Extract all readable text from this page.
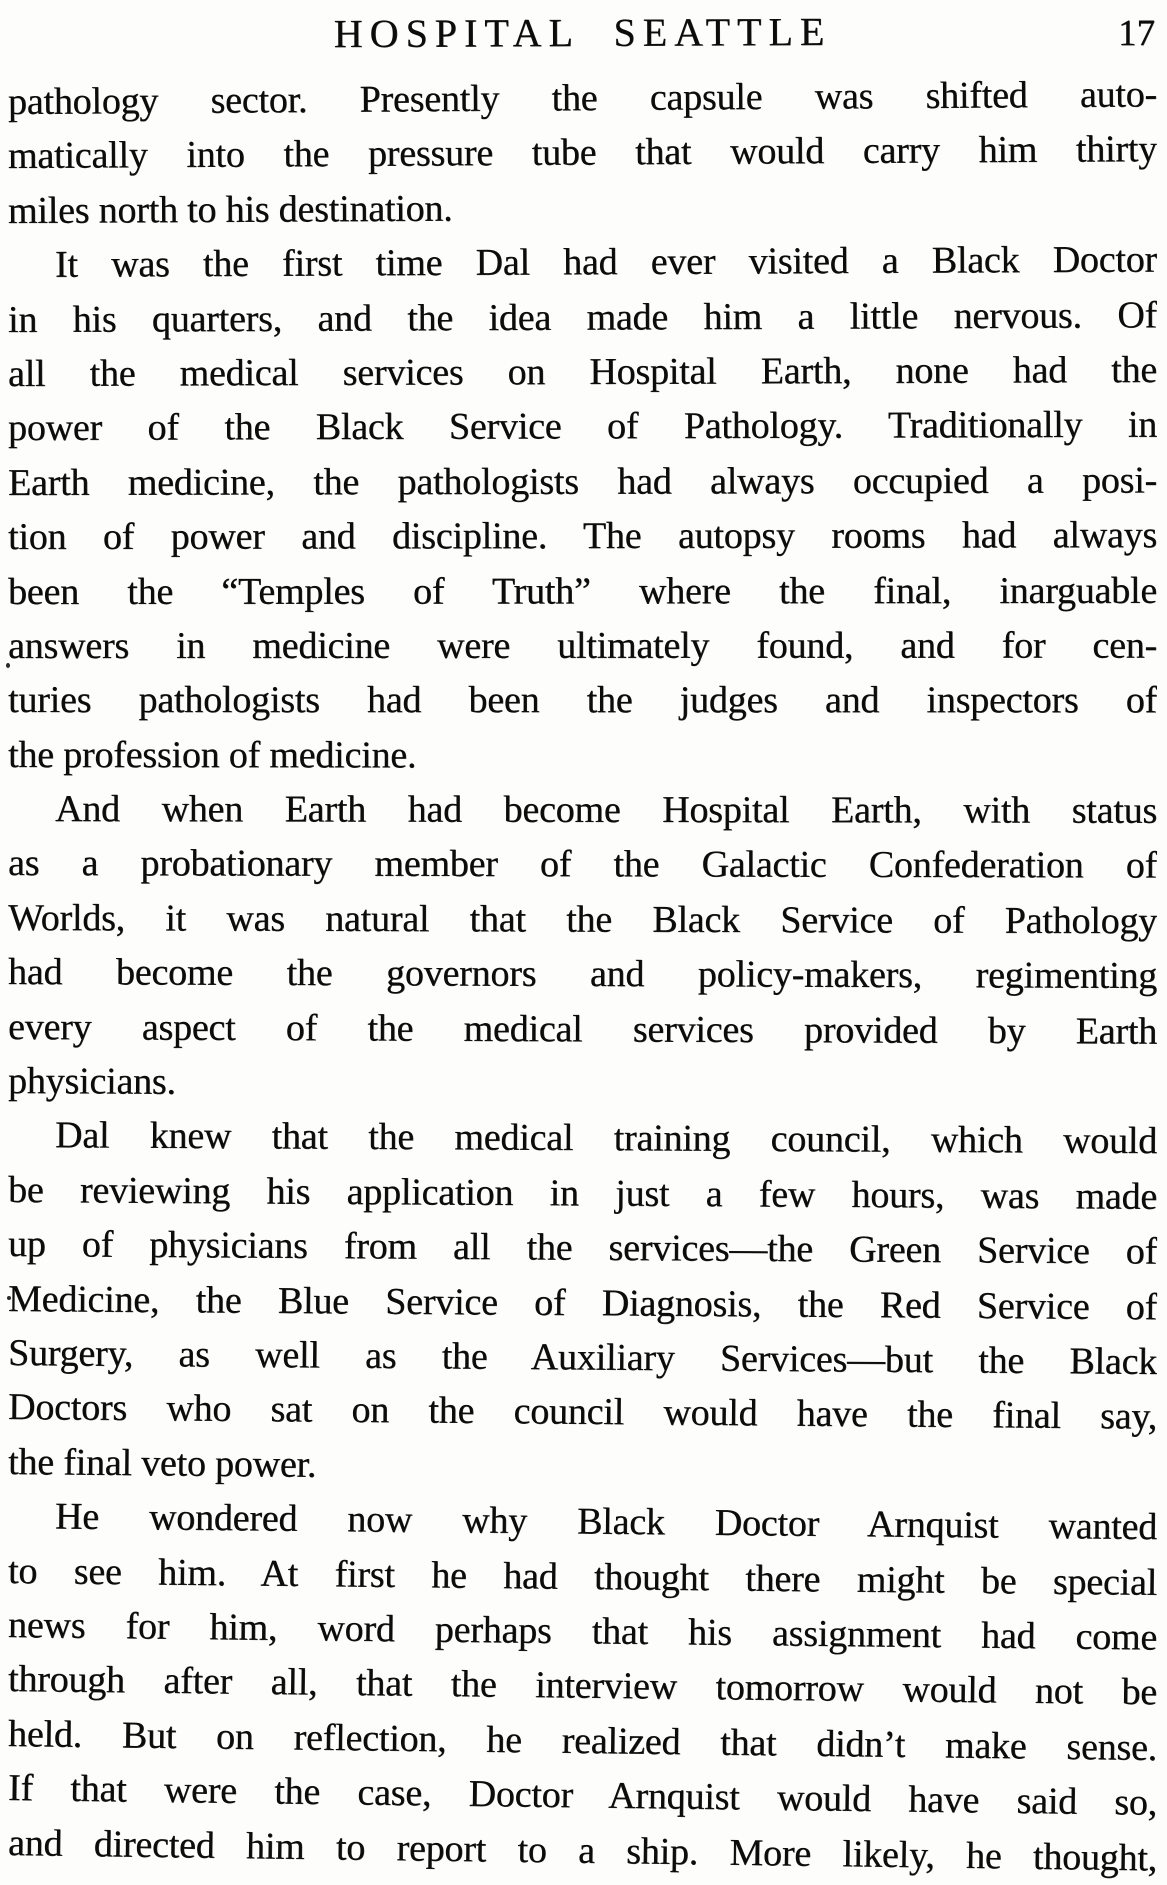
HOSPITAL SEATTLE	17
pathology sector. Presently the capsule was shifted auto-
matically into the pressure tube that would carry him thirty
miles north to his destination.
It was the first time Dal had ever visited a Black Doctor
in his quarters, and the idea made him a little nervous. Of
all the medical services on Hospital Earth, none had the
power of the Black Service of Pathology. Traditionally in
Earth medicine, the pathologists had always occupied a posi-
tion of power and discipline. The autopsy rooms had always
been the “Temples of Truth” where the final, inarguable
answers in medicine were ultimately found, and for cen-
turies pathologists had been the judges and inspectors of
the profession of medicine.
And when Earth had become Hospital Earth, with status
as a probationary member of the Galactic Confederation of
Worlds, it was natural that the Black Service of Pathology
had become the governors and policy-makers, regimenting
every aspect of the medical services provided by Earth
physicians.
Dal knew that the medical training council, which would
be reviewing his application in just a few hours, was made
up of physicians from all the services—the Green Service of
Medicine, the Blue Service of Diagnosis, the Red Service of
Surgery, as well as the Auxiliary Services—but the Black
Doctors who sat on the council would have the final say,
the final veto power.
He wondered now why Black Doctor Arnquist wanted
to see him. At first he had thought there might be special
news for him, word perhaps that his assignment had come
through after all, that the interview tomorrow would not be
held. But on reflection, he realized that didn’t make sense.
If that were the case, Doctor Arnquist would have said so,
and directed him to report to a ship. More likely, he thought,
